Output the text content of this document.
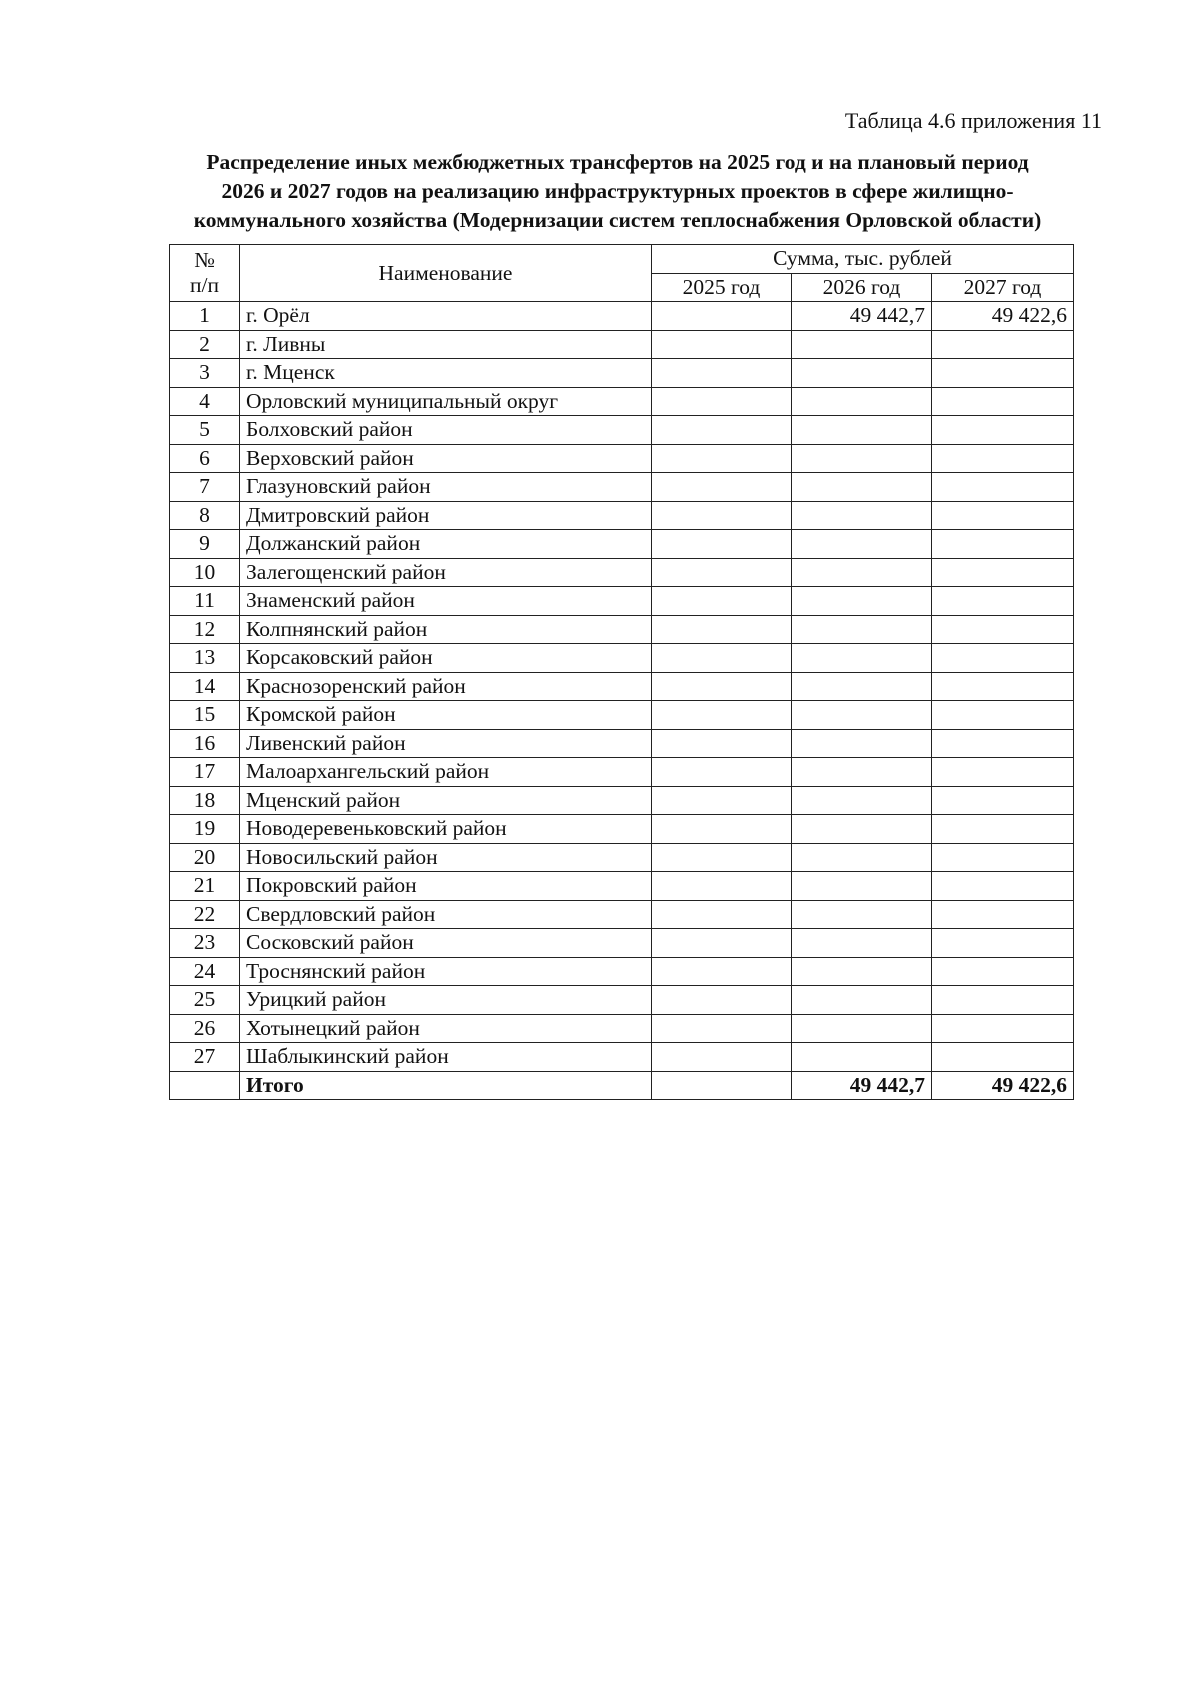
Таблица 4.6 приложения 11
Распределение иных межбюджетных трансфертов на 2025 год и на плановый период
2026 и 2027 годов на реализацию инфраструктурных проектов в сфере жилищно-
коммунального хозяйства (Модернизации систем теплоснабжения Орловской области)
№
п/п	Наименование	Сумма, тыс. рублей		
		2025 год	2026 год	2027 год
1	г. Орёл		49 442,7	49 422,6
2	г. Ливны			
3	г. Мценск			
4	Орловский муниципальный округ			
5	Болховский район			
6	Верховский район			
7	Глазуновский район			
8	Дмитровский район			
9	Должанский район			
10	Залегощенский район			
11	Знаменский район			
12	Колпнянский район			
13	Корсаковский район			
14	Краснозоренский район			
15	Кромской район			
16	Ливенский район			
17	Малоархангельский район			
18	Мценский район			
19	Новодеревеньковский район			
20	Новосильский район			
21	Покровский район			
22	Свердловский район			
23	Сосковский район			
24	Троснянский район			
25	Урицкий район			
26	Хотынецкий район			
27	Шаблыкинский район			
	Итого		49 442,7	49 422,6
